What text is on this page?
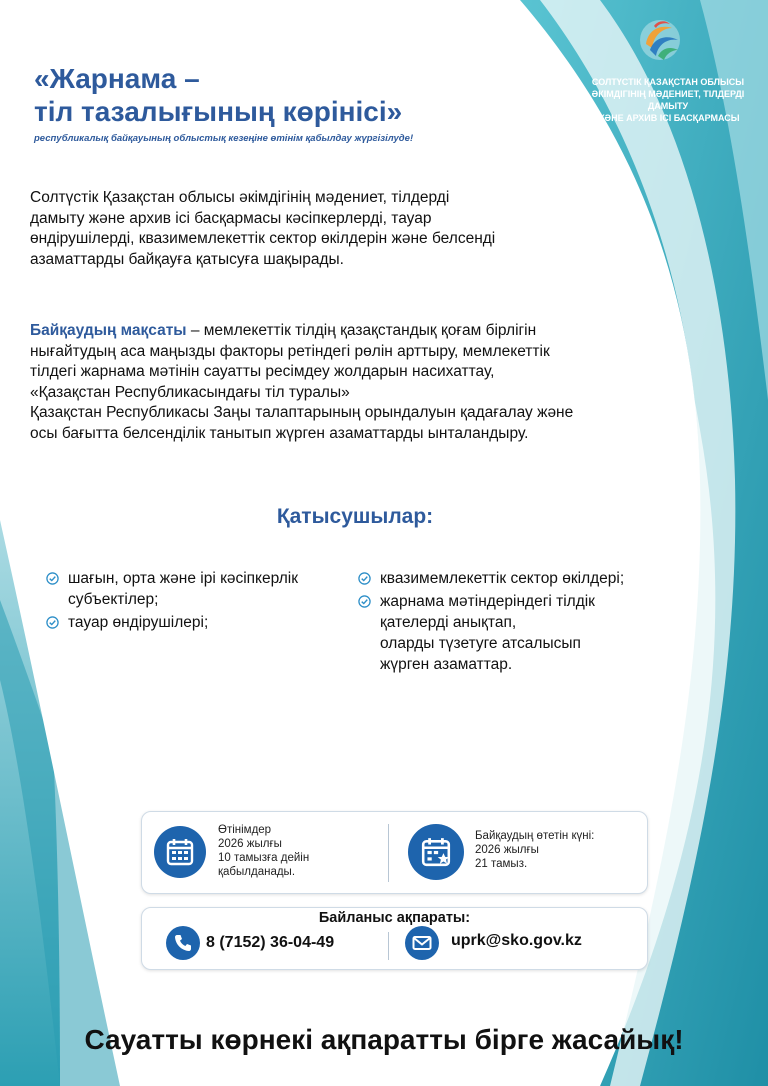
СОЛТҮСТІК ҚАЗАҚСТАН ОБЛЫСЫ
ӘКІМДІГІНІҢ МӘДЕНИЕТ, ТІЛДЕРДІ ДАМЫТУ
ЖӘНЕ АРХИВ ІСІ БАСҚАРМАСЫ
«Жарнама –
тіл тазалығының көрінісі»
республикалық байқауының облыстық кезеңіне өтінім қабылдау жүргізілуде!
Солтүстік Қазақстан облысы әкімдігінің мәдениет, тілдерді
дамыту және архив ісі басқармасы кәсіпкерлерді, тауар
өндірушілерді, квазимемлекеттік сектор өкілдерін және белсенді
азаматтарды байқауға қатысуға шақырады.
Байқаудың мақсаты – мемлекеттік тілдің қазақстандық қоғам бірлігін
нығайтудың аса маңызды факторы ретіндегі рөлін арттыру, мемлекеттік
тілдегі жарнама мәтінін сауатты ресімдеу жолдарын насихаттау,
«Қазақстан Республикасындағы тіл туралы»
Қазақстан Республикасы Заңы талаптарының орындалуын қадағалау және
осы бағытта белсенділік танытып жүрген азаматтарды ынталандыру.
Қатысушылар:
шағын, орта және ірі кәсіпкерлік
субъектілер;
тауар өндірушілері;
квазимемлекеттік сектор өкілдері;
жарнама мәтіндеріндегі тілдік
қателерді анықтап,
оларды түзетуге атсалысып
жүрген азаматтар.
Өтінімдер
2026 жылғы
10 тамызға дейін
қабылданады.
Байқаудың өтетін күні:
2026 жылғы
21 тамыз.
Байланыс ақпараты:
8 (7152) 36-04-49	uprk@sko.gov.kz
Сауатты көрнекі ақпаратты бірге жасайық!
